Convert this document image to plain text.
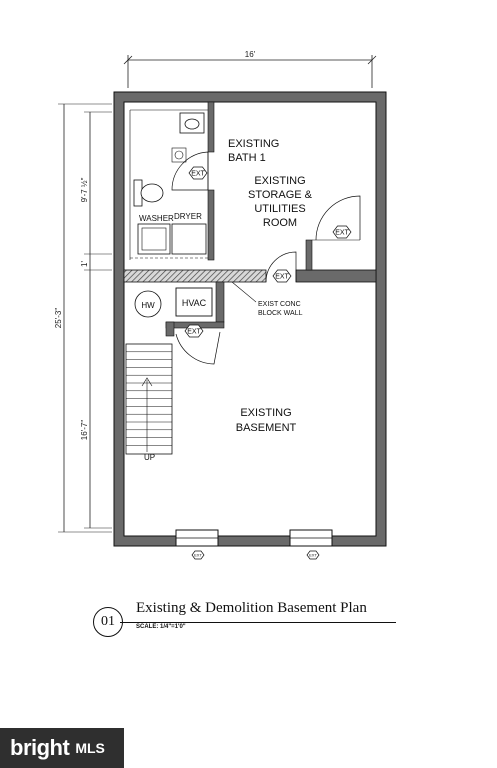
16'
25'-3"
9'-7 ½"
1'
16'-7"
WASHER DRYER
HW	HVAC
UP
EXISTING BATH 1
EXISTING STORAGE & UTILITIES ROOM
EXISTING BASEMENT
EXIST CONC BLOCK WALL
EXT
EXT
EXT
EXT
EXT	EXT
01
Existing & Demolition Basement Plan
SCALE: 1/4"=1'0"
bright MLS
